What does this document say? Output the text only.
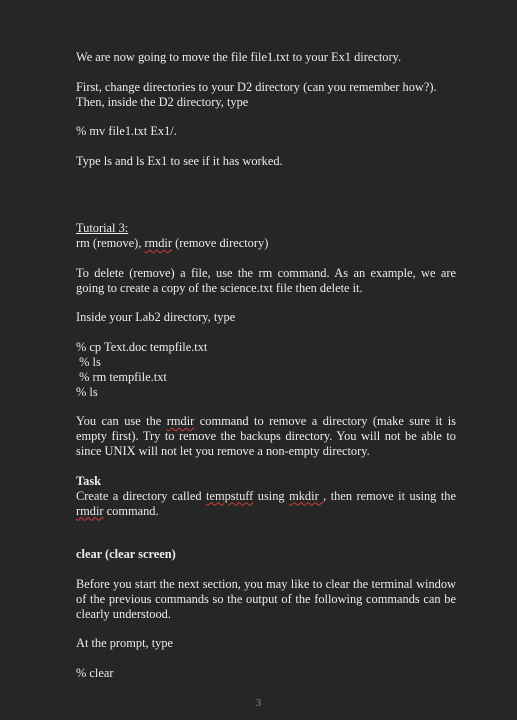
We are now going to move the file file1.txt to your Ex1 directory.

First, change directories to your D2 directory (can you remember how?). Then, inside the D2 directory, type

% mv file1.txt Ex1/.

Type ls and ls Ex1 to see if it has worked.

Tutorial 3:

rm (remove), rmdir (remove directory)

To delete (remove) a file, use the rm command. As an example, we are going to create a copy of the science.txt file then delete it.

Inside your Lab2 directory, type

% cp Text.doc tempfile.txt
% ls
% rm tempfile.txt
% ls

You can use the rmdir command to remove a directory (make sure it is empty first). Try to remove the backups directory. You will not be able to since UNIX will not let you remove a non-empty directory.

Task

Create a directory called tempstuff using mkdir , then remove it using the rmdir command.

clear (clear screen)

Before you start the next section, you may like to clear the terminal window of the previous commands so the output of the following commands can be clearly understood.

At the prompt, type

% clear

3
